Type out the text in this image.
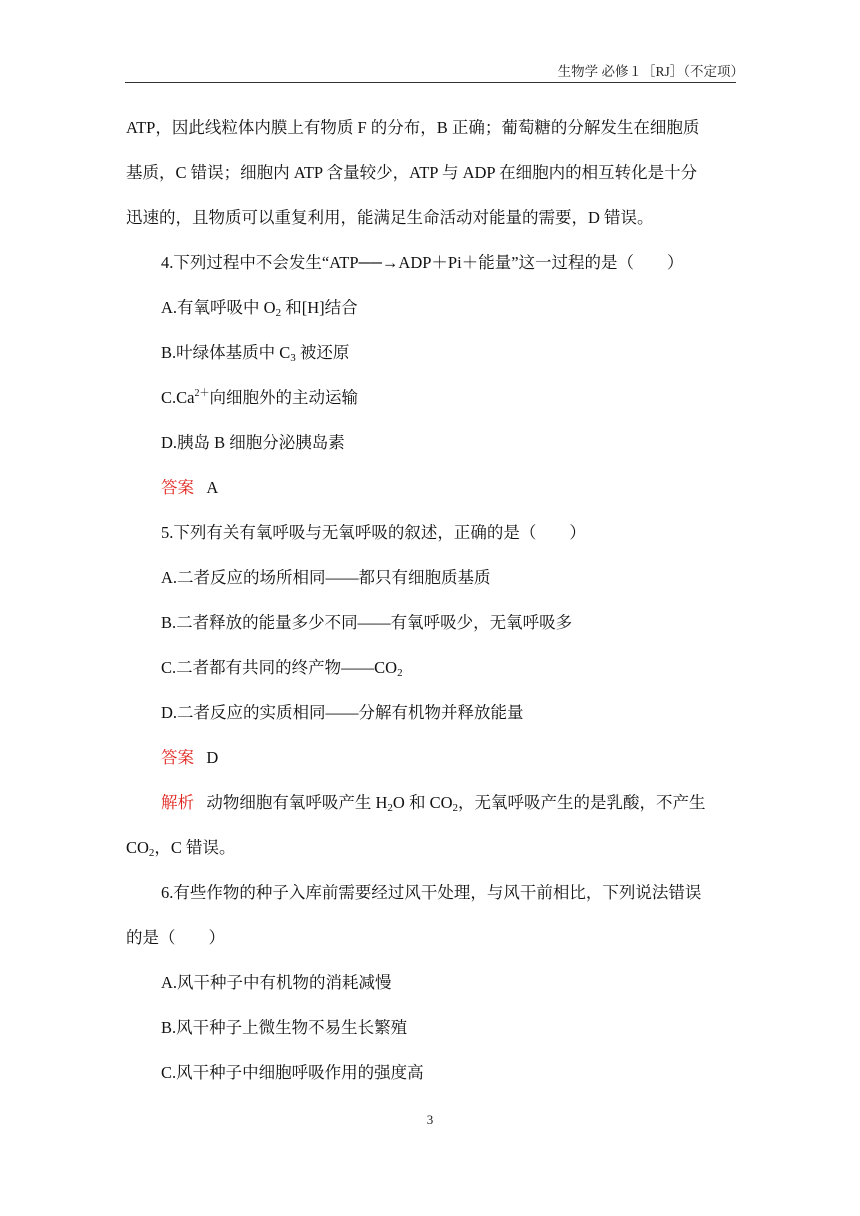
生物学 必修１［RJ］（不定项）
ATP，因此线粒体内膜上有物质 F 的分布，B 正确；葡萄糖的分解发生在细胞质
基质，C 错误；细胞内 ATP 含量较少，ATP 与 ADP 在细胞内的相互转化是十分
迅速的，且物质可以重复利用，能满足生命活动对能量的需要，D 错误。
4.下列过程中不会发生“ATP──→ADP＋Pi＋能量”这一过程的是（　　）
A.有氧呼吸中 $O_2$ 和[H]结合
B.叶绿体基质中 $C_3$ 被还原
$C.Ca^{2+}$向细胞外的主动运输
D.胰岛 B 细胞分泌胰岛素
答案 A
5.下列有关有氧呼吸与无氧呼吸的叙述，正确的是（　　）
A.二者反应的场所相同——都只有细胞质基质
B.二者释放的能量多少不同——有氧呼吸少，无氧呼吸多
C.二者都有共同的终产物$——CO_2$
D.二者反应的实质相同——分解有机物并释放能量
答案 D
解析 动物细胞有氧呼吸产生 $H_2O$ 和 $CO_2$，无氧呼吸产生的是乳酸，不产生
$CO_2$，C 错误。
6.有些作物的种子入库前需要经过风干处理，与风干前相比，下列说法错误
的是（　　）
A.风干种子中有机物的消耗减慢
B.风干种子上微生物不易生长繁殖
C.风干种子中细胞呼吸作用的强度高
3
